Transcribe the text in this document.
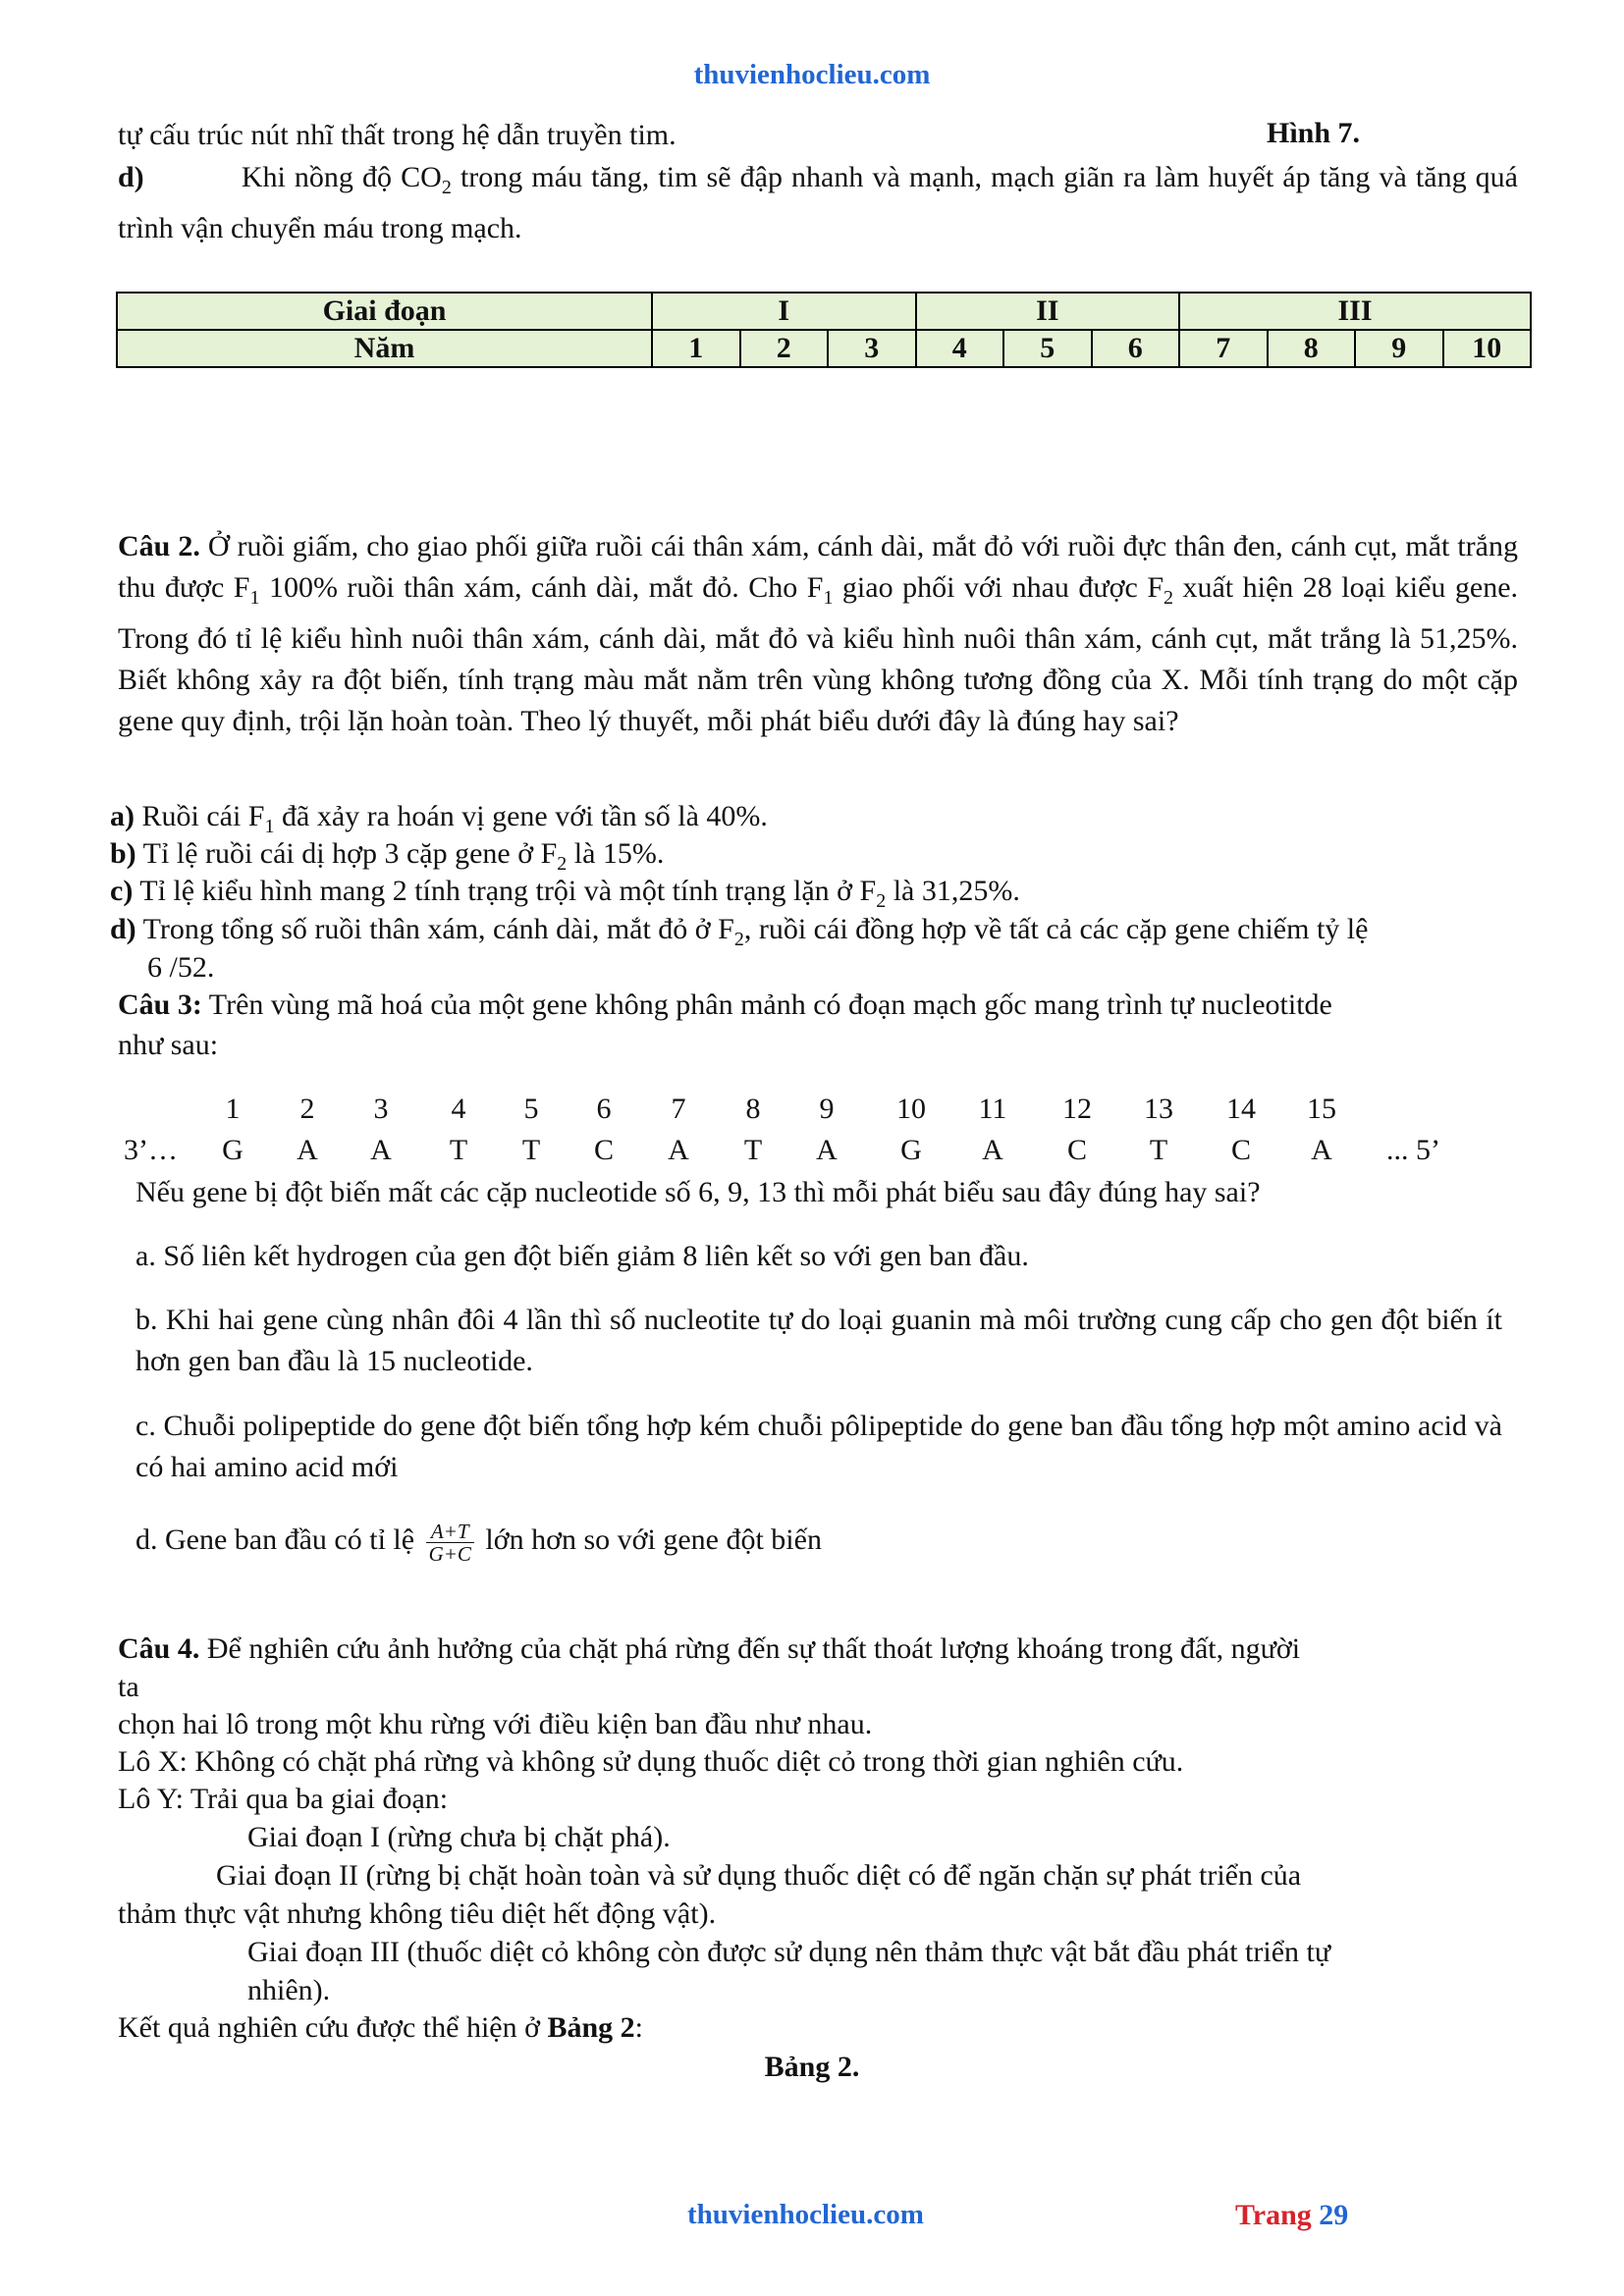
thuvienhoclieu.com
tự cấu trúc nút nhĩ thất trong hệ dẫn truyền tim.	Hình 7.
d)	Khi nồng độ $CO_2$ trong máu tăng, tim sẽ đập nhanh và mạnh, mạch giãn ra làm huyết áp tăng và tăng quá trình vận chuyển máu trong mạch.
Giai đoạn	I			II			III			
Năm	1	2	3	4	5	6	7	8	9	10
Câu 2. Ở ruồi giấm, cho giao phối giữa ruồi cái thân xám, cánh dài, mắt đỏ với ruồi đực thân đen, cánh cụt, mắt trắng thu được $F_1$ 100% ruồi thân xám, cánh dài, mắt đỏ. Cho $F_1$ giao phối với nhau được $F_2$ xuất hiện 28 loại kiểu gene. Trong đó tỉ lệ kiểu hình nuôi thân xám, cánh dài, mắt đỏ và kiểu hình nuôi thân xám, cánh cụt, mắt trắng là 51,25%. Biết không xảy ra đột biến, tính trạng màu mắt nằm trên vùng không tương đồng của X. Mỗi tính trạng do một cặp gene quy định, trội lặn hoàn toàn. Theo lý thuyết, mỗi phát biểu dưới đây là đúng hay sai?
a) Ruồi cái $F_1$ đã xảy ra hoán vị gene với tần số là 40%.
b) Tỉ lệ ruồi cái dị hợp 3 cặp gene ở $F_2$ là 15%.
c) Tỉ lệ kiểu hình mang 2 tính trạng trội và một tính trạng lặn ở $F_2$ là 31,25%.
d) Trong tổng số ruồi thân xám, cánh dài, mắt đỏ ở $F_2$, ruồi cái đồng hợp về tất cả các cặp gene chiếm tỷ lệ
6 /52.
Câu 3: Trên vùng mã hoá của một gene không phân mảnh có đoạn mạch gốc mang trình tự nucleotitde
như sau:
1	2	3	4	5	6	7	8	9	10	11	12	13	14	15
3’…	G	A	A	T	T	C	A	T	A	G	A	C	T	C	A	... 5’
Nếu gene bị đột biến mất các cặp nucleotide số 6, 9, 13 thì mỗi phát biểu sau đây đúng hay sai?
a. Số liên kết hydrogen của gen đột biến giảm 8 liên kết so với gen ban đầu.
b. Khi hai gene cùng nhân đôi 4 lần thì số nucleotite tự do loại guanin mà môi trường cung cấp cho gen đột biến ít hơn gen ban đầu là 15 nucleotide.
c. Chuỗi polipeptide do gene đột biến tổng hợp kém chuỗi pôlipeptide do gene ban đầu tổng hợp một amino acid và có hai amino acid mới
d. Gene ban đầu có tỉ lệ $\frac{A+T}{G+C}$ lớn hơn so với gene đột biến
Câu 4. Để nghiên cứu ảnh hưởng của chặt phá rừng đến sự thất thoát lượng khoáng trong đất, người
ta
chọn hai lô trong một khu rừng với điều kiện ban đầu như nhau.
Lô X: Không có chặt phá rừng và không sử dụng thuốc diệt cỏ trong thời gian nghiên cứu.
Lô Y: Trải qua ba giai đoạn:
Giai đoạn I (rừng chưa bị chặt phá).
Giai đoạn II (rừng bị chặt hoàn toàn và sử dụng thuốc diệt có để ngăn chặn sự phát triển của
thảm thực vật nhưng không tiêu diệt hết động vật).
Giai đoạn III (thuốc diệt cỏ không còn được sử dụng nên thảm thực vật bắt đầu phát triển tự
nhiên).
Kết quả nghiên cứu được thể hiện ở Bảng 2:
Bảng 2.
thuvienhoclieu.com	Trang 29
